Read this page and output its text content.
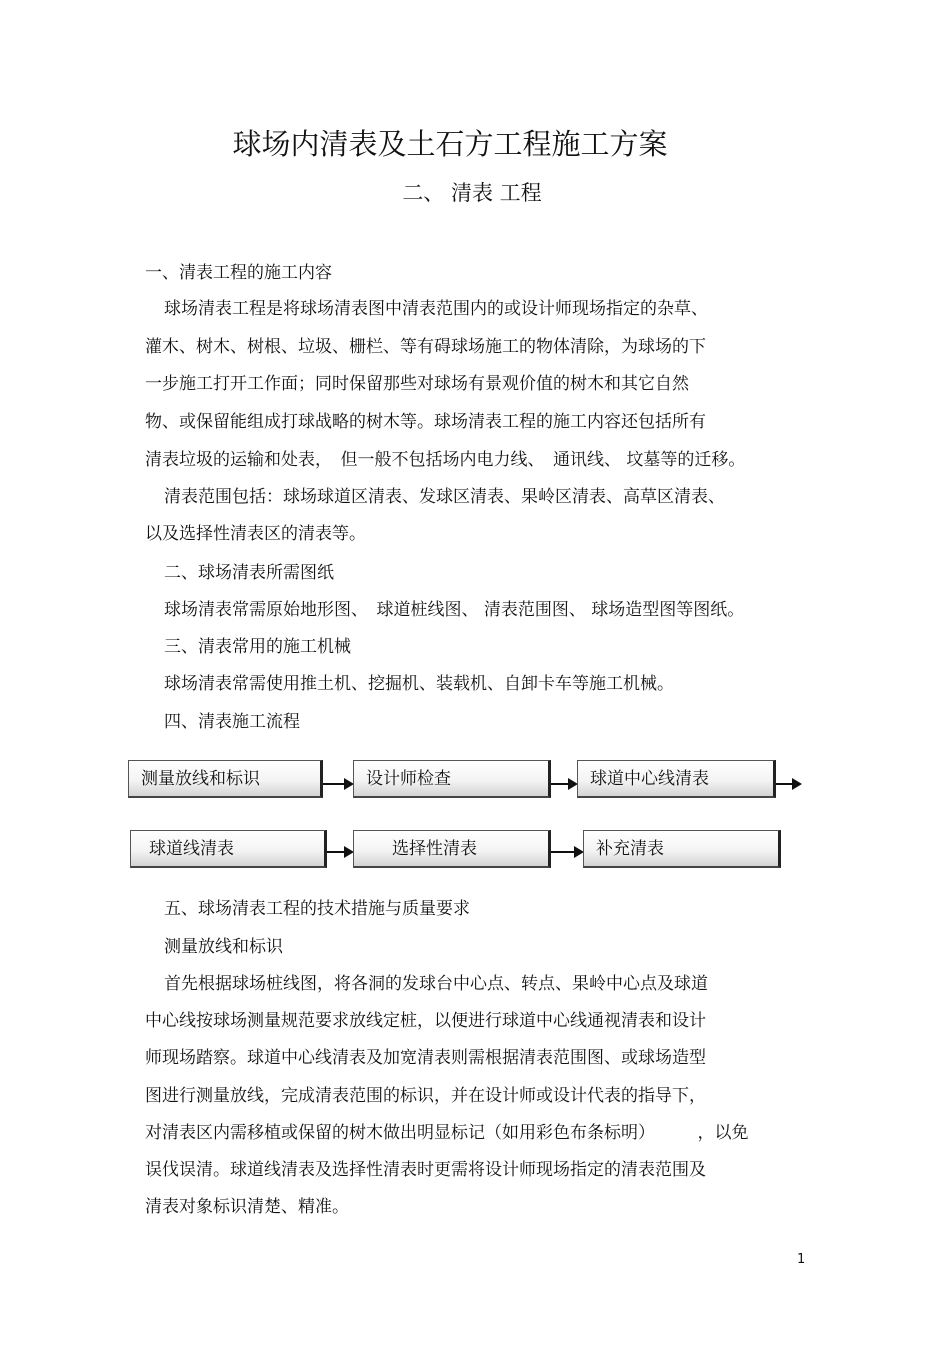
球场内清表及土石方工程施工方案
二、 清表 工程
一、清表工程的施工内容
球场清表工程是将球场清表图中清表范围内的或设计师现场指定的杂草、
灌木、树木、树根、垃圾、栅栏、等有碍球场施工的物体清除，为球场的下
一步施工打开工作面；同时保留那些对球场有景观价值的树木和其它自然
物、或保留能组成打球战略的树木等。球场清表工程的施工内容还包括所有
清表垃圾的运输和处表，　但一般不包括场内电力线、　通讯线、 坟墓等的迁移。
清表范围包括：球场球道区清表、发球区清表、果岭区清表、高草区清表、
以及选择性清表区的清表等。
二、球场清表所需图纸
球场清表常需原始地形图、　球道桩线图、 清表范围图、 球场造型图等图纸。
三、清表常用的施工机械
球场清表常需使用推土机、挖掘机、装载机、自卸卡车等施工机械。
四、清表施工流程
测量放线和标识	设计师检查	球道中心线清表
球道线清表	选择性清表	补充清表
五、球场清表工程的技术措施与质量要求
测量放线和标识
首先根据球场桩线图，将各洞的发球台中心点、转点、果岭中心点及球道
中心线按球场测量规范要求放线定桩，以便进行球道中心线通视清表和设计
师现场踏察。球道中心线清表及加宽清表则需根据清表范围图、或球场造型
图进行测量放线，完成清表范围的标识，并在设计师或设计代表的指导下，
对清表区内需移植或保留的树木做出明显标记（如用彩色布条标明）　　　，以免
误伐误清。球道线清表及选择性清表时更需将设计师现场指定的清表范围及
清表对象标识清楚、精准。
1
